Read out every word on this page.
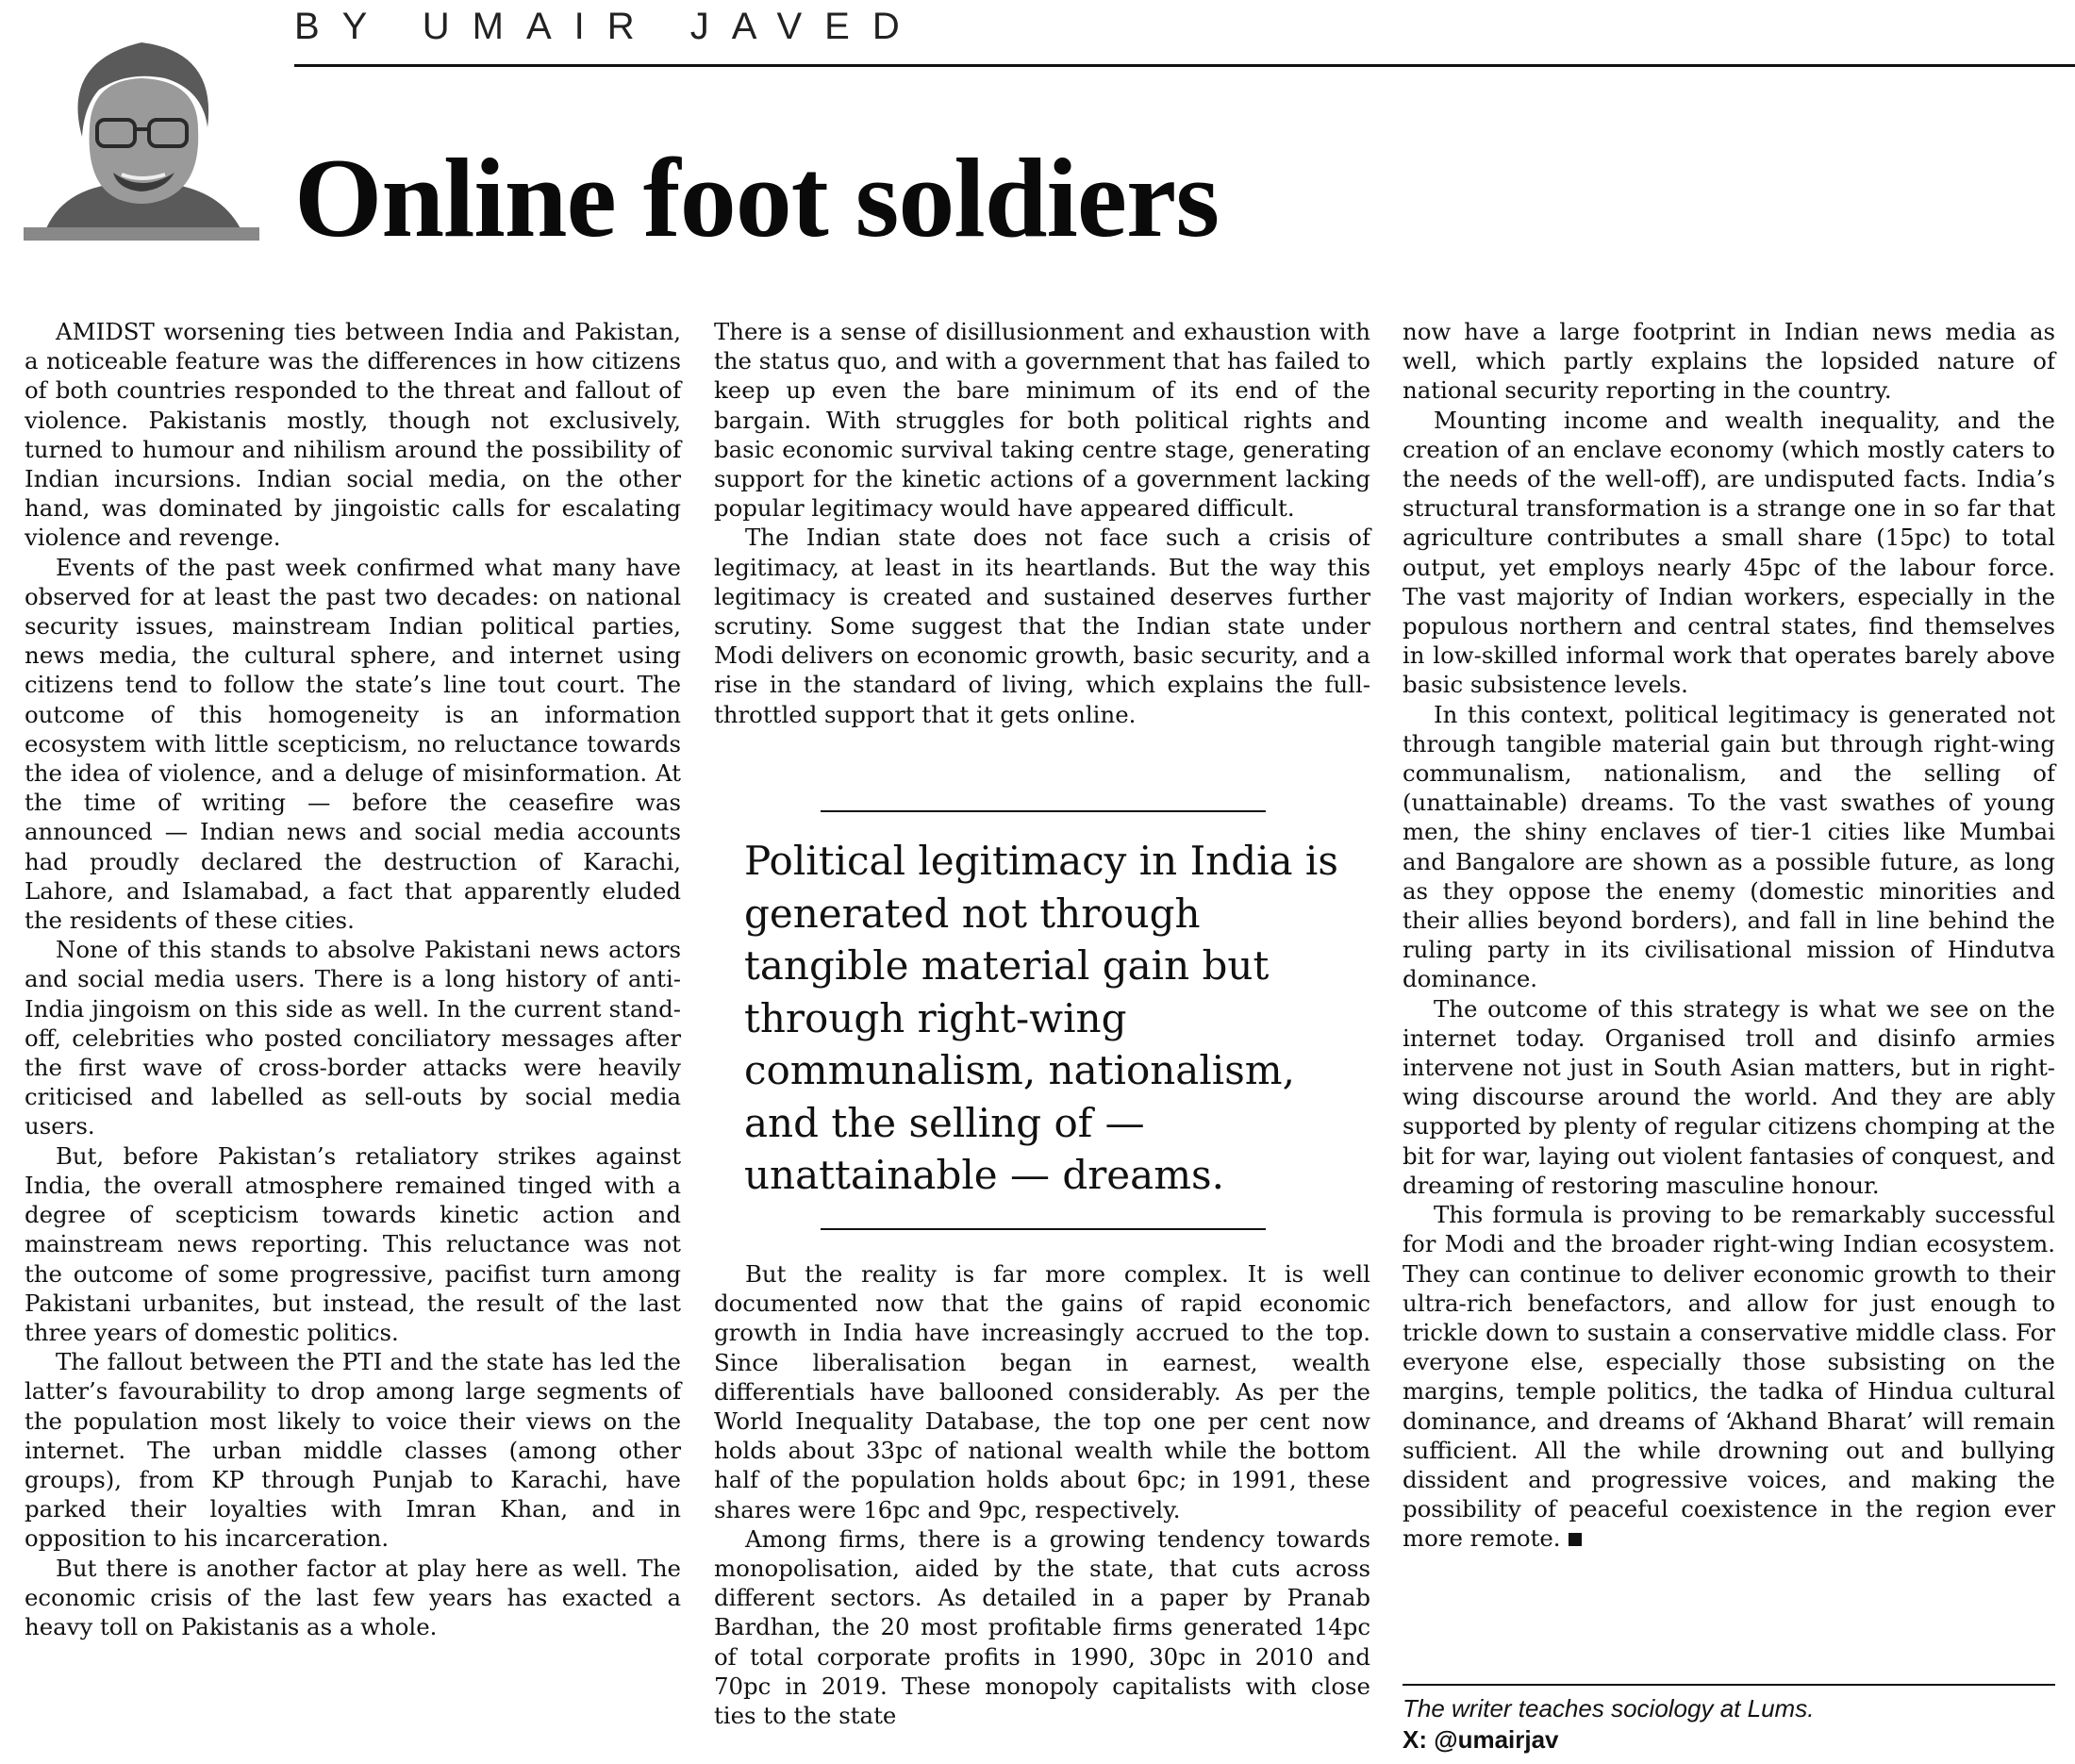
BY UMAIR JAVED
Online foot soldiers

AMIDST worsening ties between India and Pakistan, a noticeable feature was the differences in how citizens of both countries responded to the threat and fallout of violence. Pakistanis mostly, though not exclusively, turned to humour and nihilism around the possibility of Indian incursions. Indian social media, on the other hand, was dominated by jingoistic calls for escalating violence and revenge.

Events of the past week confirmed what many have observed for at least the past two decades: on national security issues, mainstream Indian political parties, news media, the cultural sphere, and internet using citizens tend to follow the state’s line tout court. The outcome of this homogeneity is an information ecosystem with little scepticism, no reluctance towards the idea of violence, and a deluge of misinformation. At the time of writing — before the ceasefire was announced — Indian news and social media accounts had proudly declared the destruction of Karachi, Lahore, and Islamabad, a fact that apparently eluded the residents of these cities.

None of this stands to absolve Pakistani news actors and social media users. There is a long history of anti-India jingoism on this side as well. In the current stand-off, celebrities who posted conciliatory messages after the first wave of cross-border attacks were heavily criticised and labelled as sell-outs by social media users.

But, before Pakistan’s retaliatory strikes against India, the overall atmosphere remained tinged with a degree of scepticism towards kinetic action and mainstream news reporting. This reluctance was not the outcome of some progressive, pacifist turn among Pakistani urbanites, but instead, the result of the last three years of domestic politics.

The fallout between the PTI and the state has led the latter’s favourability to drop among large segments of the population most likely to voice their views on the internet. The urban middle classes (among other groups), from KP through Punjab to Karachi, have parked their loyalties with Imran Khan, and in opposition to his incarceration.

But there is another factor at play here as well. The economic crisis of the last few years has exacted a heavy toll on Pakistanis as a whole.

There is a sense of disillusionment and exhaustion with the status quo, and with a government that has failed to keep up even the bare minimum of its end of the bargain. With struggles for both political rights and basic economic survival taking centre stage, generating support for the kinetic actions of a government lacking popular legitimacy would have appeared difficult.

The Indian state does not face such a crisis of legitimacy, at least in its heartlands. But the way this legitimacy is created and sustained deserves further scrutiny. Some suggest that the Indian state under Modi delivers on economic growth, basic security, and a rise in the standard of living, which explains the full-throttled support that it gets online.

Political legitimacy in India is generated not through tangible material gain but through right-wing communalism, nationalism, and the selling of — unattainable — dreams.

But the reality is far more complex. It is well documented now that the gains of rapid economic growth in India have increasingly accrued to the top. Since liberalisation began in earnest, wealth differentials have ballooned considerably. As per the World Inequality Database, the top one per cent now holds about 33pc of national wealth while the bottom half of the population holds about 6pc; in 1991, these shares were 16pc and 9pc, respectively.

Among firms, there is a growing tendency towards monopolisation, aided by the state, that cuts across different sectors. As detailed in a paper by Pranab Bardhan, the 20 most profitable firms generated 14pc of total corporate profits in 1990, 30pc in 2010 and 70pc in 2019. These monopoly capitalists with close ties to the state

now have a large footprint in Indian news media as well, which partly explains the lopsided nature of national security reporting in the country.

Mounting income and wealth inequality, and the creation of an enclave economy (which mostly caters to the needs of the well-off), are undisputed facts. India’s structural transformation is a strange one in so far that agriculture contributes a small share (15pc) to total output, yet employs nearly 45pc of the labour force. The vast majority of Indian workers, especially in the populous northern and central states, find themselves in low-skilled informal work that operates barely above basic subsistence levels.

In this context, political legitimacy is generated not through tangible material gain but through right-wing communalism, nationalism, and the selling of (unattainable) dreams. To the vast swathes of young men, the shiny enclaves of tier-1 cities like Mumbai and Bangalore are shown as a possible future, as long as they oppose the enemy (domestic minorities and their allies beyond borders), and fall in line behind the ruling party in its civilisational mission of Hindutva dominance.

The outcome of this strategy is what we see on the internet today. Organised troll and disinfo armies intervene not just in South Asian matters, but in right-wing discourse around the world. And they are ably supported by plenty of regular citizens chomping at the bit for war, laying out violent fantasies of conquest, and dreaming of restoring masculine honour.

This formula is proving to be remarkably successful for Modi and the broader right-wing Indian ecosystem. They can continue to deliver economic growth to their ultra-rich benefactors, and allow for just enough to trickle down to sustain a conservative middle class. For everyone else, especially those subsisting on the margins, temple politics, the tadka of Hindua cultural dominance, and dreams of ‘Akhand Bharat’ will remain sufficient. All the while drowning out and bullying dissident and progressive voices, and making the possibility of peaceful coexistence in the region ever more remote.

The writer teaches sociology at Lums.
X: @umairjav
